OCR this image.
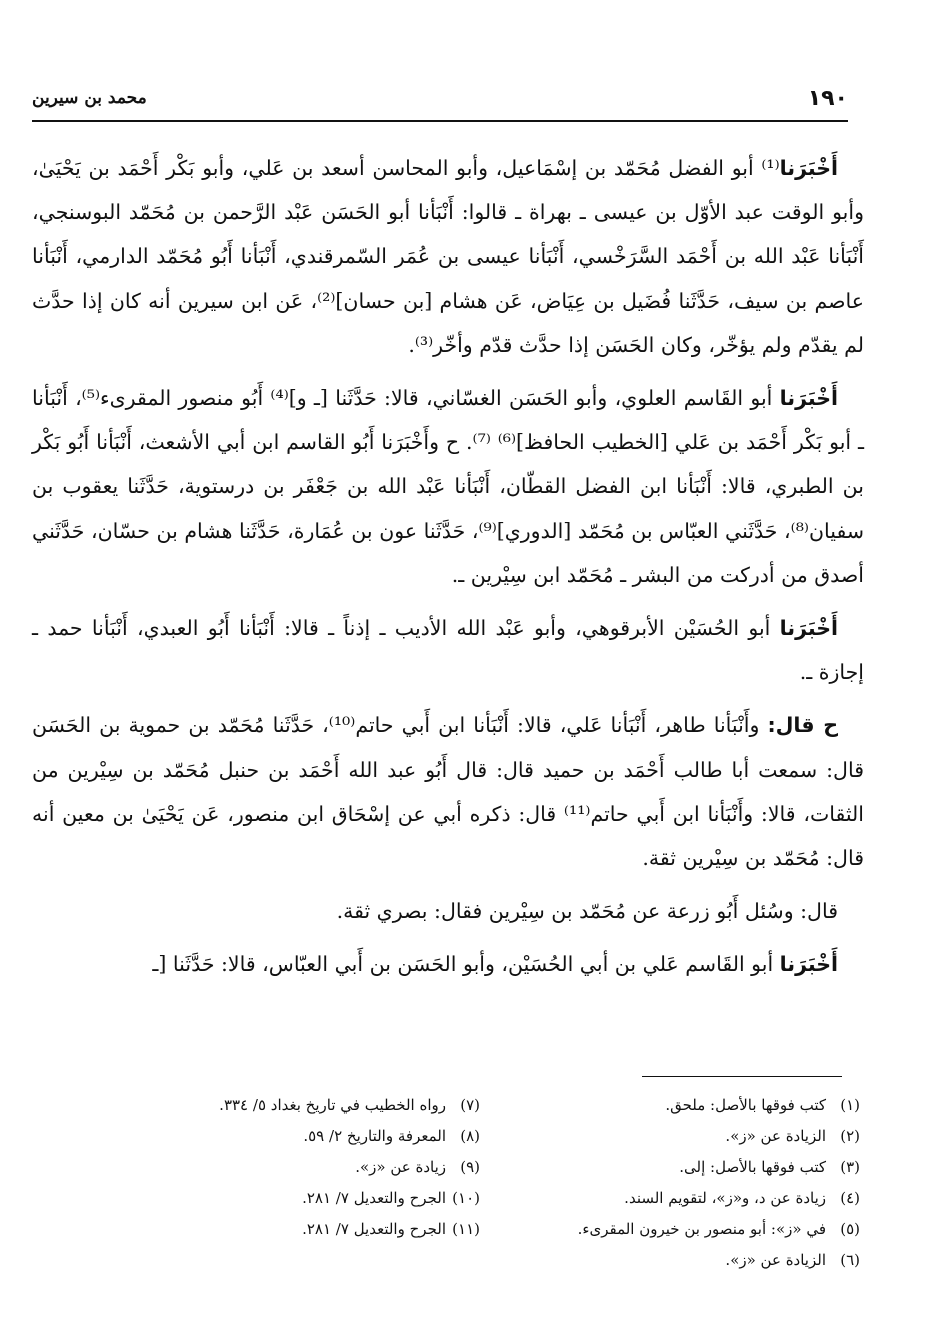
١٩٠
محمد بن سيرين

أَخْبَرَنا⁽¹⁾ أبو الفضل مُحَمّد بن إسْمَاعيل، وأبو المحاسن أسعد بن عَلي، وأبو بَكْر أَحْمَد بن يَحْيَىٰ، وأبو الوقت عبد الأوّل بن عيسى ـ بهراة ـ قالوا: أَنْبَأنا أبو الحَسَن عَبْد الرَّحمن بن مُحَمّد البوسنجي، أَنْبَأنا عَبْد الله بن أَحْمَد السَّرَخْسي، أَنْبَأنا عيسى بن عُمَر السّمرقندي، أَنْبَأنا أَبُو مُحَمّد الدارمي، أَنْبَأنا عاصم بن سيف، حَدَّثَنا فُضَيل بن عِيَاض، عَن هشام [بن حسان]⁽²⁾، عَن ابن سيرين أنه كان إذا حدَّث لم يقدّم ولم يؤخّر، وكان الحَسَن إذا حدَّث قدّم وأخّر⁽³⁾.

أَخْبَرَنا أبو القَاسم العلوي، وأبو الحَسَن الغسّاني، قالا: حَدَّثَنا [ـ و]⁽⁴⁾ أَبُو منصور المقرىء⁽⁵⁾، أَنْبَأنا ـ أبو بَكْر أَحْمَد بن عَلي [الخطيب الحافظ]⁽⁶⁾ ⁽⁷⁾. ح وأَخْبَرَنا أَبُو القاسم ابن أبي الأشعث، أَنْبَأنا أَبُو بَكْر بن الطبري، قالا: أَنْبَأنا ابن الفضل القطّان، أَنْبَأنا عَبْد الله بن جَعْفَر بن درستوية، حَدَّثَنا يعقوب بن سفيان⁽⁸⁾، حَدَّثَني العبّاس بن مُحَمّد [الدوري]⁽⁹⁾، حَدَّثَنا عون بن عُمَارة، حَدَّثَنا هشام بن حسّان، حَدَّثَني أصدق من أدركت من البشر ـ مُحَمّد ابن سِيْرين ـ.

أَخْبَرَنا أبو الحُسَيْن الأبرقوهي، وأبو عَبْد الله الأديب ـ إذناً ـ قالا: أَنْبَأنا أَبُو العبدي، أَنْبَأنا حمد ـ إجازة ـ.

ح قال: وأَنْبَأنا طاهر، أَنْبَأنا عَلي، قالا: أَنْبَأنا ابن أَبي حاتم⁽¹⁰⁾، حَدَّثَنا مُحَمّد بن حموية بن الحَسَن قال: سمعت أبا طالب أَحْمَد بن حميد قال: قال أَبُو عبد الله أَحْمَد بن حنبل مُحَمّد بن سِيْرين من الثقات، قالا: وأَنْبَأنا ابن أَبي حاتم⁽¹¹⁾ قال: ذكره أبي عن إسْحَاق ابن منصور، عَن يَحْيَىٰ بن معين أنه قال: مُحَمّد بن سِيْرين ثقة.

قال: وسُئل أَبُو زرعة عن مُحَمّد بن سِيْرين فقال: بصري ثقة.

أَخْبَرَنا أبو القَاسم عَلي بن أبي الحُسَيْن، وأبو الحَسَن بن أَبي العبّاس، قالا: حَدَّثَنا [ـ

(١)كتب فوقها بالأصل: ملحق.
(٢)الزيادة عن «ز».
(٣)كتب فوقها بالأصل: إلى.
(٤)زيادة عن د، و«ز»، لتقويم السند.
(٥)في «ز»: أبو منصور بن خيرون المقرىء.
(٦)الزيادة عن «ز».
(٧)رواه الخطيب في تاريخ بغداد ٥/ ٣٣٤.
(٨)المعرفة والتاريخ ٢/ ٥٩.
(٩)زيادة عن «ز».
(١٠)الجرح والتعديل ٧/ ٢٨١.
(١١)الجرح والتعديل ٧/ ٢٨١.
